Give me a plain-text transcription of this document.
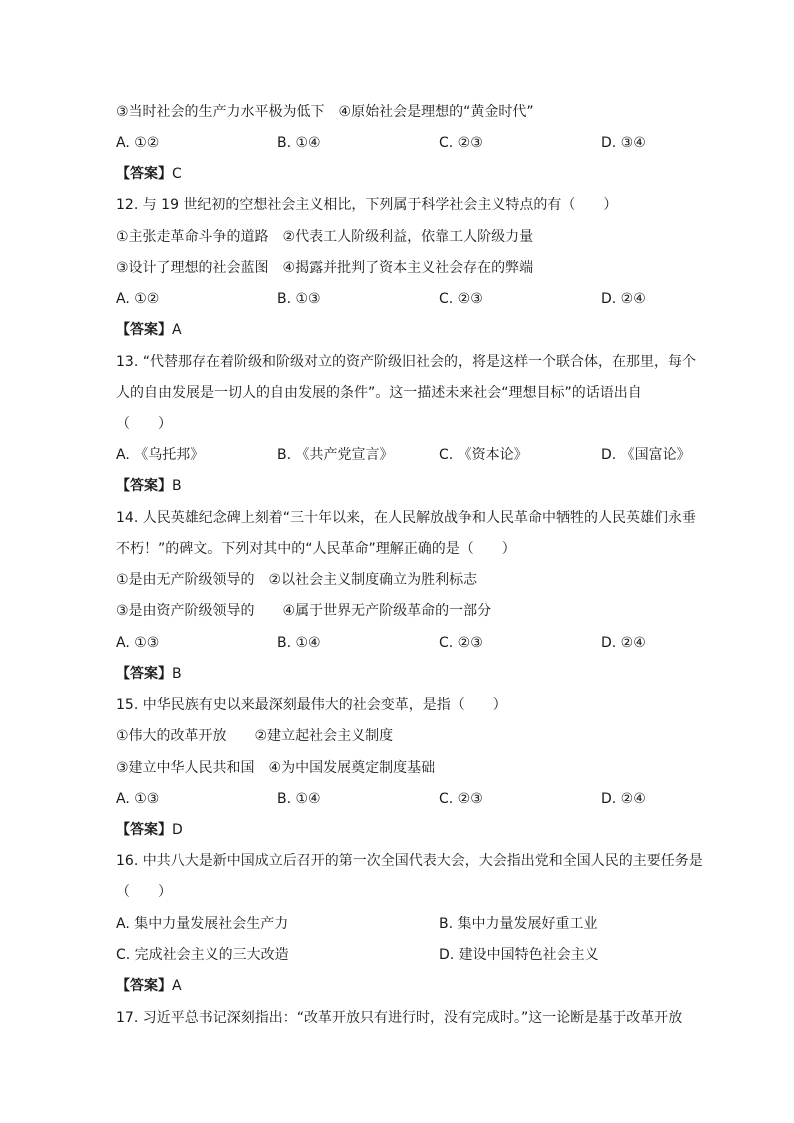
③当时社会的生产力水平极为低下　④原始社会是理想的“黄金时代”
A. ①②	B. ①④	C. ②③	D. ③④
【答案】C
12. 与 19 世纪初的空想社会主义相比，下列属于科学社会主义特点的有（　　）
①主张走革命斗争的道路　②代表工人阶级利益，依靠工人阶级力量
③设计了理想的社会蓝图　④揭露并批判了资本主义社会存在的弊端
A. ①②	B. ①③	C. ②③	D. ②④
【答案】A
13. “代替那存在着阶级和阶级对立的资产阶级旧社会的，将是这样一个联合体，在那里，每个
人的自由发展是一切人的自由发展的条件”。这一描述未来社会“理想目标”的话语出自
（　　）
A. 《乌托邦》	B. 《共产党宣言》	C. 《资本论》	D. 《国富论》
【答案】B
14. 人民英雄纪念碑上刻着“三十年以来，在人民解放战争和人民革命中牺牲的人民英雄们永垂
不朽！”的碑文。下列对其中的“人民革命”理解正确的是（　　）
①是由无产阶级领导的　②以社会主义制度确立为胜利标志
③是由资产阶级领导的　　④属于世界无产阶级革命的一部分
A. ①③	B. ①④	C. ②③	D. ②④
【答案】B
15. 中华民族有史以来最深刻最伟大的社会变革，是指（　　）
①伟大的改革开放　　②建立起社会主义制度
③建立中华人民共和国　④为中国发展奠定制度基础
A. ①③	B. ①④	C. ②③	D. ②④
【答案】D
16. 中共八大是新中国成立后召开的第一次全国代表大会，大会指出党和全国人民的主要任务是
（　　）
A. 集中力量发展社会生产力	B. 集中力量发展好重工业
C. 完成社会主义的三大改造	D. 建设中国特色社会主义
【答案】A
17. 习近平总书记深刻指出：“改革开放只有进行时，没有完成时。”这一论断是基于改革开放
